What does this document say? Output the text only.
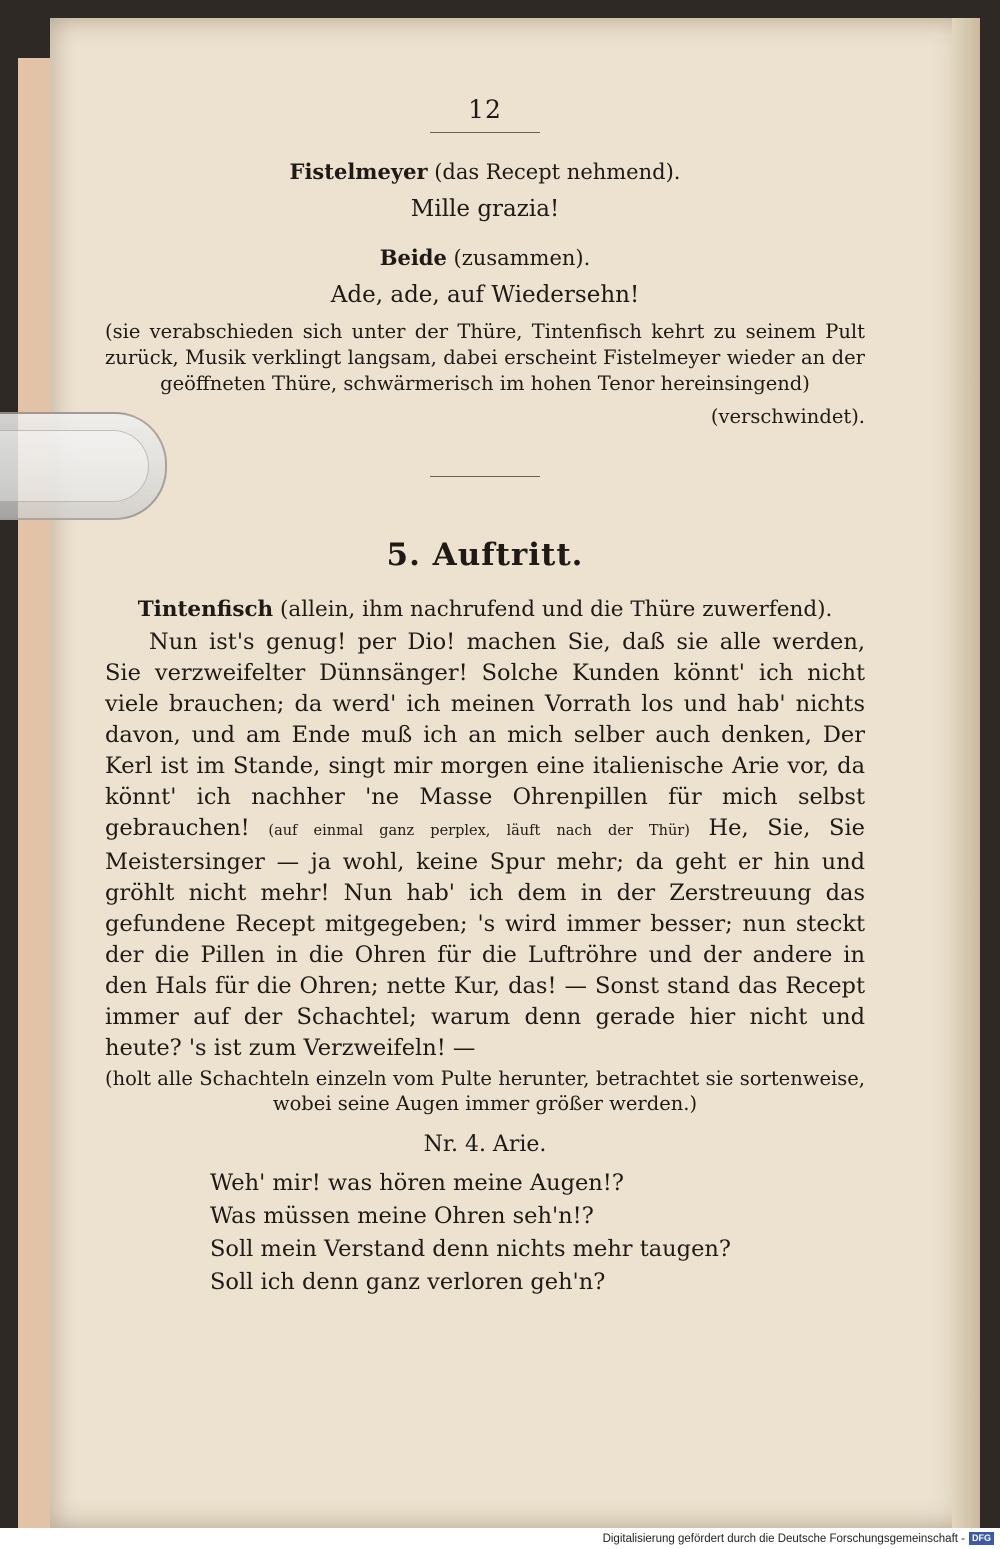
12

Fistelmeyer (das Recept nehmend).

Mille grazia!

Beide (zusammen).

Ade, ade, auf Wiedersehn!

(sie verabschieden sich unter der Thüre, Tintenfisch kehrt zu seinem Pult zurück, Musik verklingt langsam, dabei erscheint Fistelmeyer wieder an der geöffneten Thüre, schwärmerisch im hohen Tenor hereinsingend)

(verschwindet).

5. Auftritt.

Tintenfisch (allein, ihm nachrufend und die Thüre zuwerfend).

Nun ist's genug! per Dio! machen Sie, daß sie alle werden, Sie verzweifelter Dünnsänger! Solche Kunden könnt' ich nicht viele brauchen; da werd' ich meinen Vorrath los und hab' nichts davon, und am Ende muß ich an mich selber auch denken, Der Kerl ist im Stande, singt mir morgen eine italienische Arie vor, da könnt' ich nachher 'ne Masse Ohrenpillen für mich selbst gebrauchen! (auf einmal ganz perplex, läuft nach der Thür) He, Sie, Sie Meistersinger — ja wohl, keine Spur mehr; da geht er hin und gröhlt nicht mehr! Nun hab' ich dem in der Zerstreuung das gefundene Recept mitgegeben; 's wird immer besser; nun steckt der die Pillen in die Ohren für die Luftröhre und der andere in den Hals für die Ohren; nette Kur, das! — Sonst stand das Recept immer auf der Schachtel; warum denn gerade hier nicht und heute? 's ist zum Verzweifeln! —

(holt alle Schachteln einzeln vom Pulte herunter, betrachtet sie sortenweise, wobei seine Augen immer größer werden.)

Nr. 4. Arie.

Weh' mir! was hören meine Augen!?

Was müssen meine Ohren seh'n!?

Soll mein Verstand denn nichts mehr taugen?

Soll ich denn ganz verloren geh'n?

Digitalisierung gefördert durch die Deutsche Forschungsgemeinschaft - DFG
